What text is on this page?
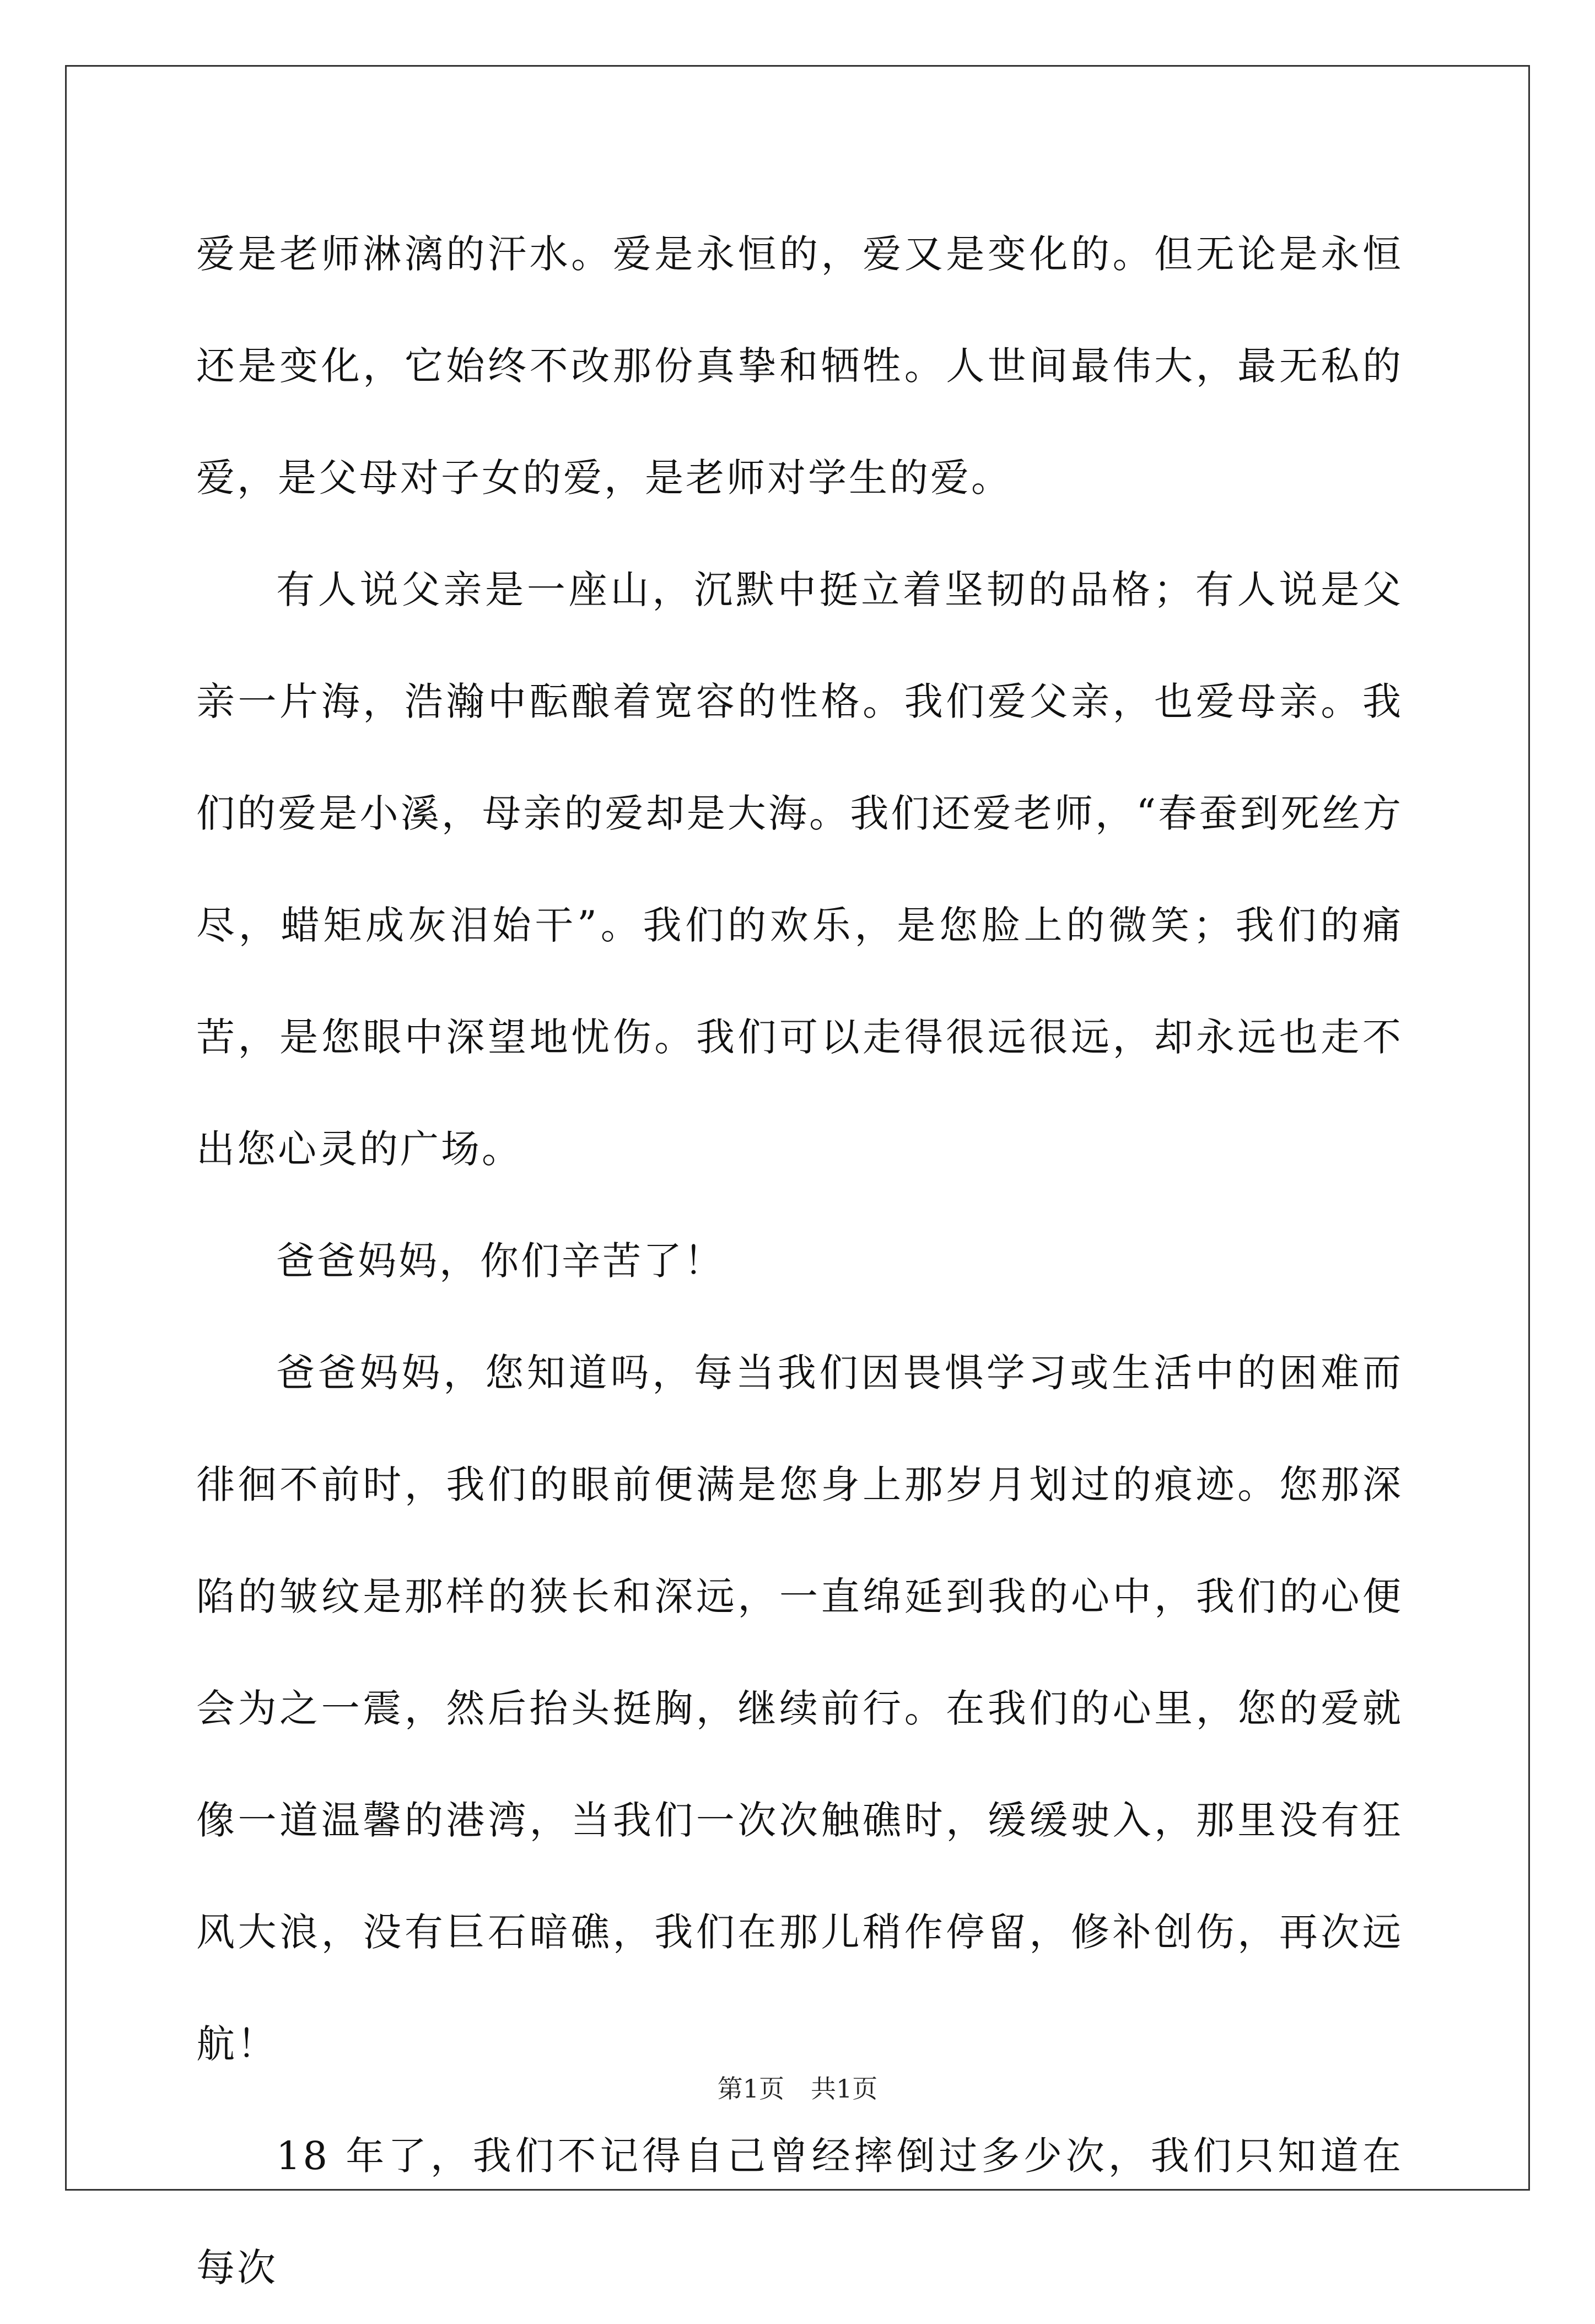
爱是老师淋漓的汗水。爱是永恒的，爱又是变化的。但无论是永恒还是变化，它始终不改那份真挚和牺牲。人世间最伟大，最无私的爱，是父母对子女的爱，是老师对学生的爱。

有人说父亲是一座山，沉默中挺立着坚韧的品格；有人说是父亲一片海，浩瀚中酝酿着宽容的性格。我们爱父亲，也爱母亲。我们的爱是小溪，母亲的爱却是大海。我们还爱老师，“春蚕到死丝方尽，蜡矩成灰泪始干”。我们的欢乐，是您脸上的微笑；我们的痛苦，是您眼中深望地忧伤。我们可以走得很远很远，却永远也走不出您心灵的广场。

爸爸妈妈，你们辛苦了！

爸爸妈妈，您知道吗，每当我们因畏惧学习或生活中的困难而徘徊不前时，我们的眼前便满是您身上那岁月划过的痕迹。您那深陷的皱纹是那样的狭长和深远，一直绵延到我的心中，我们的心便会为之一震，然后抬头挺胸，继续前行。在我们的心里，您的爱就像一道温馨的港湾，当我们一次次触礁时，缓缓驶入，那里没有狂风大浪，没有巨石暗礁，我们在那儿稍作停留，修补创伤，再次远航！

18 年了，我们不记得自己曾经摔倒过多少次，我们只知道在每次

第1页 共1页
